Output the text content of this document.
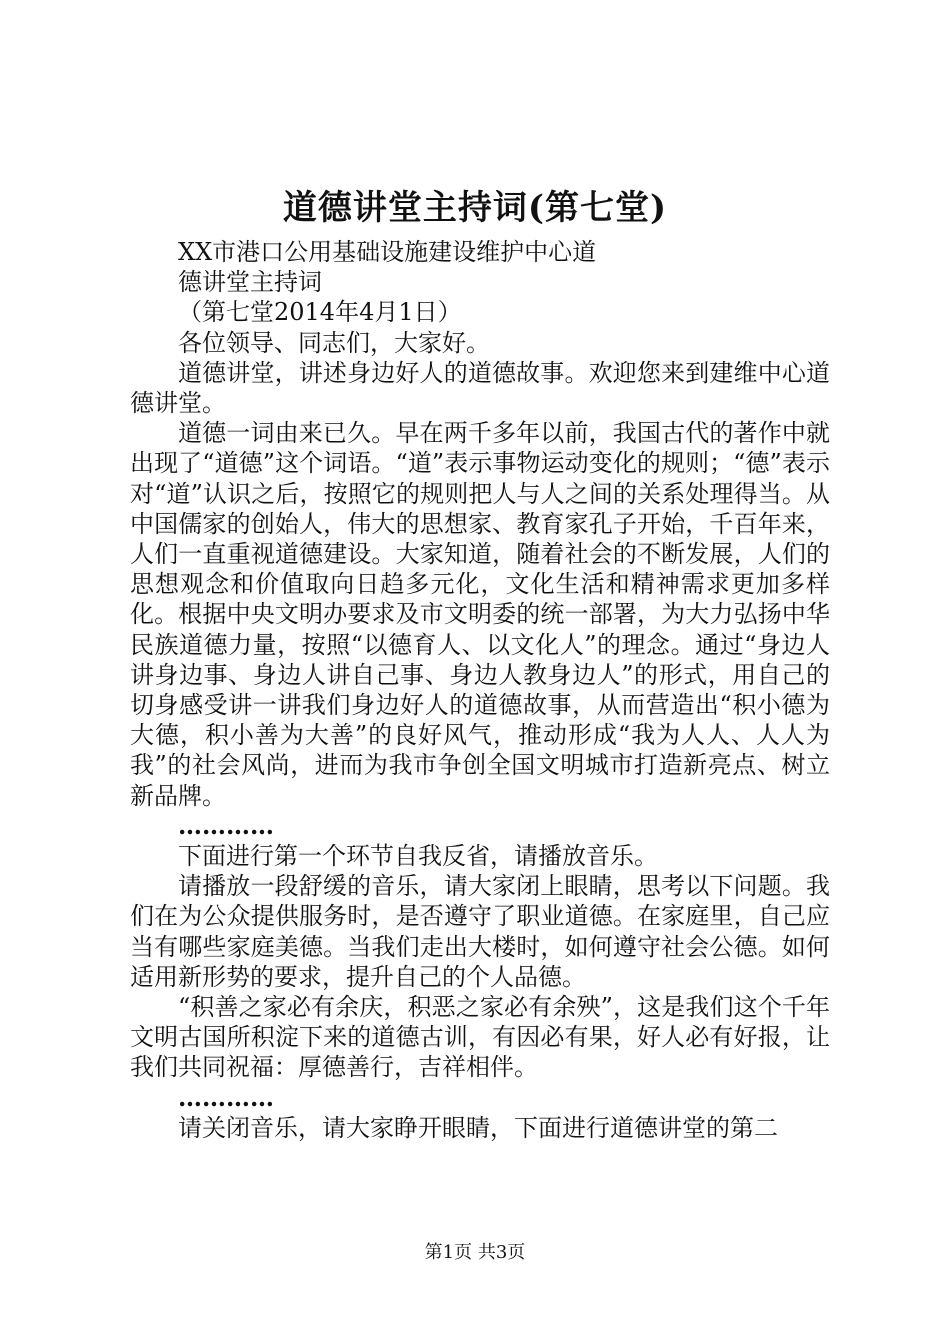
道德讲堂主持词(第七堂)

XX市港口公用基础设施建设维护中心道

德讲堂主持词

（第七堂2014年4月1日）

各位领导、同志们，大家好。

道德讲堂，讲述身边好人的道德故事。欢迎您来到建维中心道德讲堂。

道德一词由来已久。早在两千多年以前，我国古代的著作中就出现了“道德”这个词语。“道”表示事物运动变化的规则；“德”表示对“道”认识之后，按照它的规则把人与人之间的关系处理得当。从中国儒家的创始人，伟大的思想家、教育家孔子开始，千百年来，人们一直重视道德建设。大家知道，随着社会的不断发展，人们的思想观念和价值取向日趋多元化，文化生活和精神需求更加多样化。根据中央文明办要求及市文明委的统一部署，为大力弘扬中华民族道德力量，按照“以德育人、以文化人”的理念。通过“身边人讲身边事、身边人讲自己事、身边人教身边人”的形式，用自己的切身感受讲一讲我们身边好人的道德故事，从而营造出“积小德为大德，积小善为大善”的良好风气，推动形成“我为人人、人人为我”的社会风尚，进而为我市争创全国文明城市打造新亮点、树立新品牌。

…………

下面进行第一个环节自我反省，请播放音乐。

请播放一段舒缓的音乐，请大家闭上眼睛，思考以下问题。我们在为公众提供服务时，是否遵守了职业道德。在家庭里，自己应当有哪些家庭美德。当我们走出大楼时，如何遵守社会公德。如何适用新形势的要求，提升自己的个人品德。

“积善之家必有余庆，积恶之家必有余殃”，这是我们这个千年文明古国所积淀下来的道德古训，有因必有果，好人必有好报，让我们共同祝福：厚德善行，吉祥相伴。

…………

请关闭音乐，请大家睁开眼睛，下面进行道德讲堂的第二

第1页 共3页
